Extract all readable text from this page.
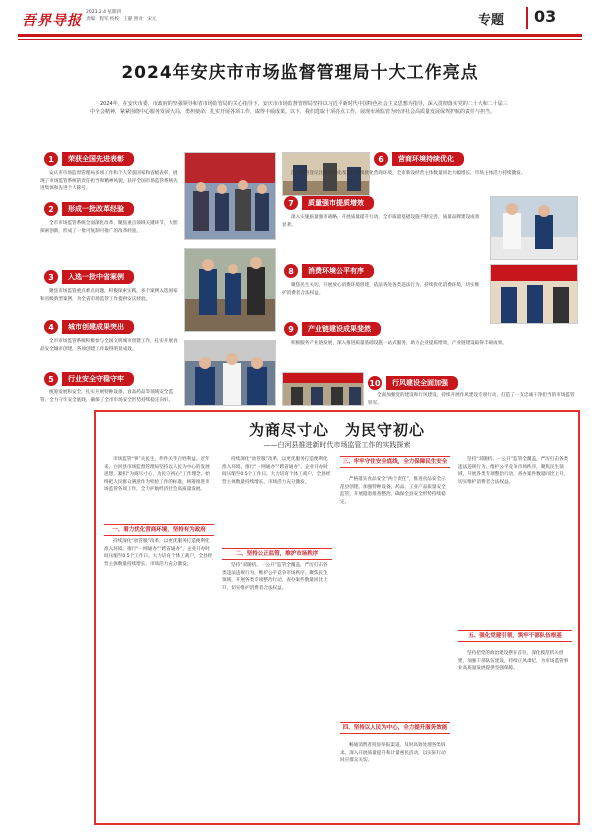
吾界导报
2023.2.4 星期四
责编：程军 校校：王静 照对：宋元	专题	03
2024年安庆市市场监督管理局十大工作亮点
2024年，在安庆市委、市政府的坚强领导和省市场监管局的关心指导下，安庆市市场监督管理局坚持以习近平新时代中国特色社会主义思想为指导，深入贯彻落实党的二十大和二十届三中全会精神，紧紧围绕中心服务发展大局，勇担使命，扎实开展各项工作，取得丰硕成果。以下，我们选取十项亮点工作，展现市场监管为经济社会高质量发展保驾护航的责任与担当。
1	荣获全国先进表彰
安庆市市场监督管理局多项工作和个人荣获国家和省级表彰，展现了市场监管系统的责任担当和精神风貌，获评全国市场监管系统先进集体和先进个人称号。
2	形成一批改革经验
全市市场监管系统全面深化改革，聚焦重点领域关键环节，大胆探索创新，形成了一批可复制可推广的改革经验。
3	入选一批中省案例
聚焦市场监管重点难点问题，积极探索实践，多个案例入选国家和省级典型案例，为全省市场监管工作提供安庆经验。
4	城市创建成果突出
全市市场监管系统积极参与全国文明城市创建工作，扎实开展食品安全城市创建，各项创建工作取得明显成效。
5	行业安全守稳守牢
统筹发展和安全，扎实开展特种设备、食品药品等领域安全监管，全力守牢安全底线，确保了全市市场安全形势持续稳定向好。
6	营商环境持续优化
深入推进登记注册便利化改革，持续优化营商环境，全市新设经营主体数量同比大幅增长，市场主体活力持续激发。
7	质量强市提质增效
深入实施质量强市战略，开展质量提升行动，全市质量基础设施不断完善，质量品牌建设成效显著。
8	消费环境公平有序
聚焦民生关切，开展放心消费环境创建，依法查处各类违法行为，持续优化消费环境，切实维护消费者合法权益。
9	产业链建设成果斐然
积极服务产业链发展，深入推进质量基础设施一站式服务，助力企业提质增效，产业链建设取得丰硕成果。
10	行风建设全面加强
全面加强党的建设和行风建设，持续开展作风建设专项行动，打造了一支忠诚干净担当的市场监管铁军。
为商尽寸心　为民守初心
——白河县推进新时代市场监管工作的实践探索
市场监管“事”关民生，件件关乎百姓利益。近年来，白河县市场监督管理局坚持以人民为中心的发展思想，紧扣“为商尽寸心，为民守初心”工作理念，始终把人民群众满意作为检验工作的标准，统筹推进市场监管各项工作，全力护航经济社会高质量发展。
一、着力优化营商环境，坚持有为政府
持续深化“放管服”改革，以更优服务打造便利化准入环境。推行“一网通办”“跨省通办”，企业开办时间压缩至0.5个工作日。大力培育个体工商户，全县经营主体数量持续增长，市场活力充分激发。
持续深化“放管服”改革，以更优服务打造便利化准入环境。推行“一网通办”“跨省通办”，企业开办时间压缩至0.5个工作日。大力培育个体工商户，全县经营主体数量持续增长，市场活力充分激发。
二、坚持公正监管，维护市场秩序
坚持“双随机、一公开”监管全覆盖，严厉打击各类违法违规行为，维护公平竞争市场秩序。聚焦民生领域，开展各类专项整治行动，查办案件数量同比上升，切实维护消费者合法权益。
三、牢牢守住安全底线，全力保障民生安全
严格落实食品安全“两个责任”，推进食品安全示范县创建。加强特种设备、药品、工业产品质量安全监管，开展隐患排查整治，确保全县安全形势持续稳定。
四、坚持以人民为中心，全力提升服务效能
畅通消费者投诉举报渠道，及时高效处理各类诉求。深入开展质量提升和计量惠民活动，以实际行动回应群众关切。
坚持“双随机、一公开”监管全覆盖，严厉打击各类违法违规行为，维护公平竞争市场秩序。聚焦民生领域，开展各类专项整治行动，查办案件数量同比上升，切实维护消费者合法权益。
五、强化党建引领，筑牢干部队伍根基
坚持把党的政治建设摆在首位，深化模范机关创建，加强干部队伍建设，持续正风肃纪，为市场监管事业高质量发展提供坚强保障。
